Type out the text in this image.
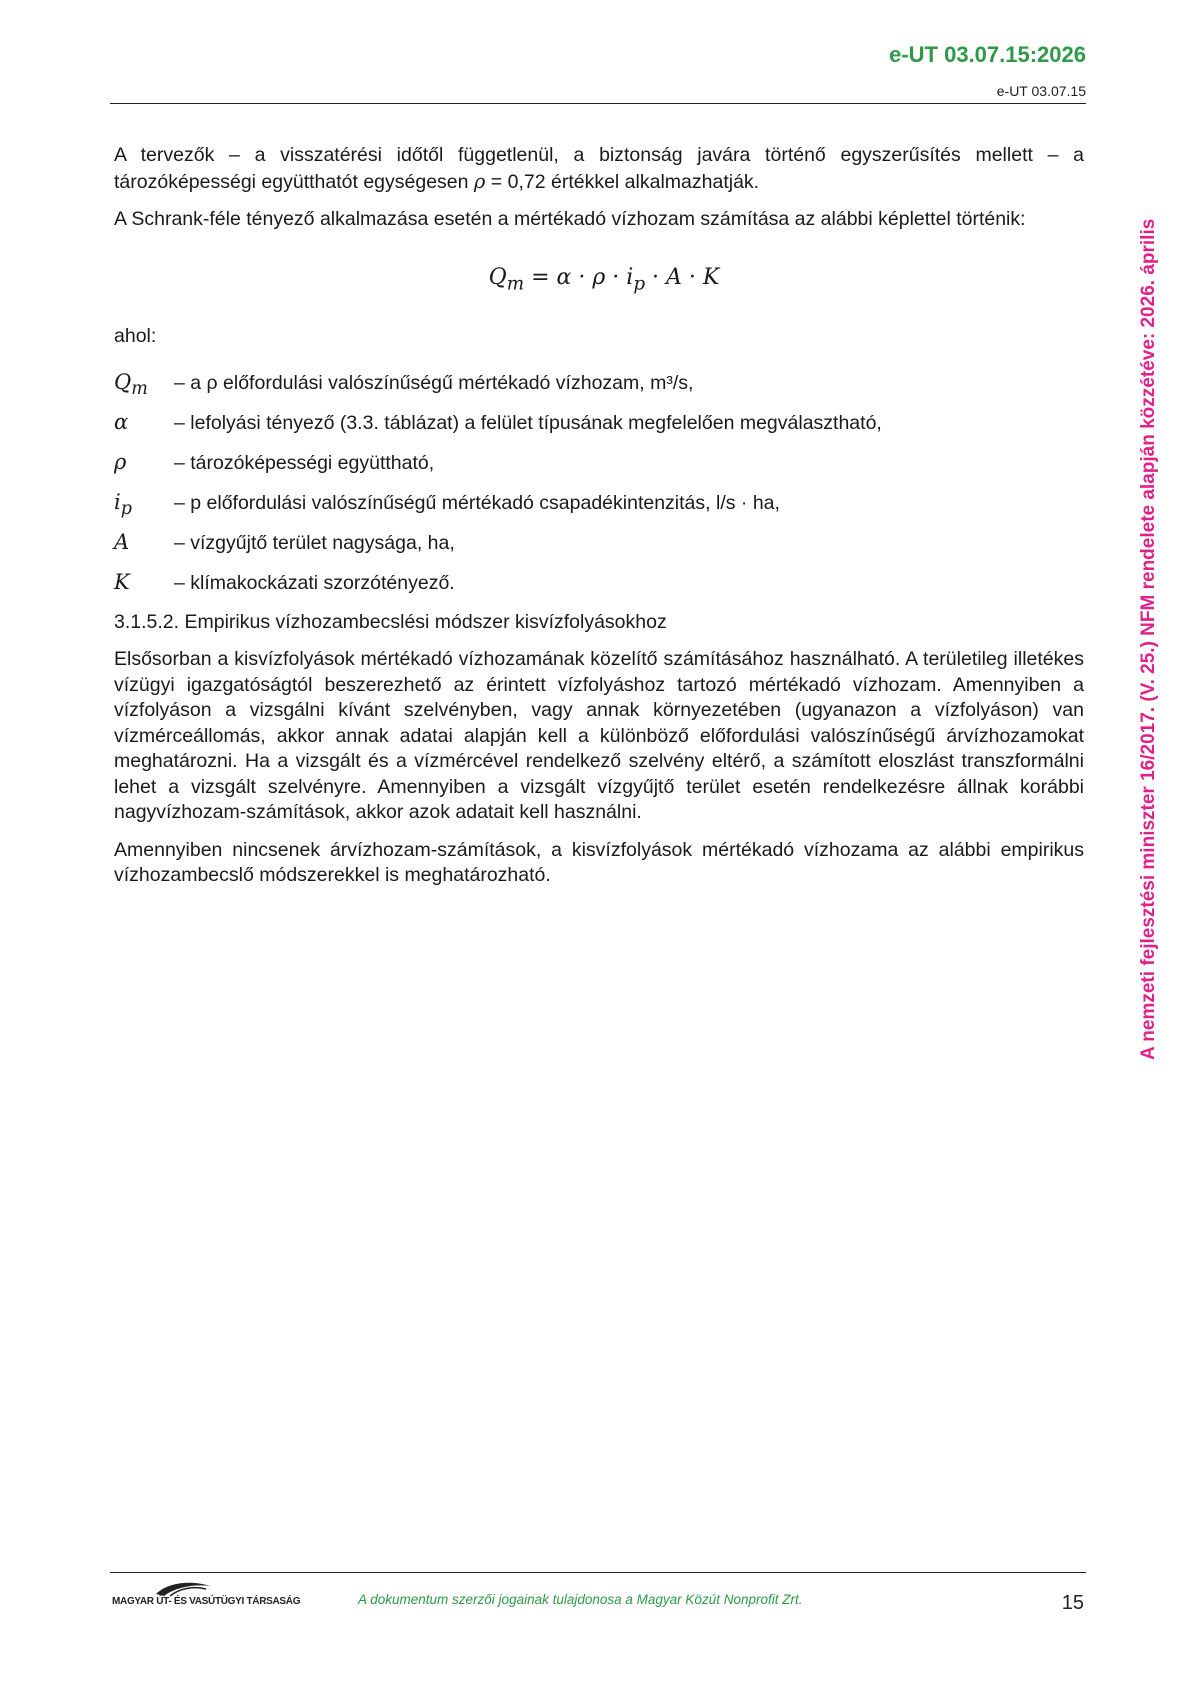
e-UT 03.07.15:2026
e-UT 03.07.15

A tervezők – a visszatérési időtől függetlenül, a biztonság javára történő egyszerűsítés mellett – a tározóképességi együtthatót egységesen ρ = 0,72 értékkel alkalmazhatják.

A Schrank-féle tényező alkalmazása esetén a mértékadó vízhozam számítása az alábbi képlettel történik:

$Q_m = \alpha \cdot \rho \cdot i_p \cdot A \cdot K$
ahol:
$Q_m$	– a ρ előfordulási valószínűségű mértékadó vízhozam, m³/s,
α	– lefolyási tényező (3.3. táblázat) a felület típusának megfelelően megválasztható,
ρ	– tározóképességi együttható,
$i_p$	– p előfordulási valószínűségű mértékadó csapadékintenzitás, l/s · ha,
A	– vízgyűjtő terület nagysága, ha,
K	– klímakockázati szorzótényező.

3.1.5.2. Empirikus vízhozambecslési módszer kisvízfolyásokhoz

Elsősorban a kisvízfolyások mértékadó vízhozamának közelítő számításához használható. A területileg illetékes vízügyi igazgatóságtól beszerezhető az érintett vízfolyáshoz tartozó mértékadó vízhozam. Amennyiben a vízfolyáson a vizsgálni kívánt szelvényben, vagy annak környezetében (ugyanazon a vízfolyáson) van vízmérceállomás, akkor annak adatai alapján kell a különböző előfordulási valószínűségű árvízhozamokat meghatározni. Ha a vizsgált és a vízmércével rendelkező szelvény eltérő, a számított eloszlást transzformálni lehet a vizsgált szelvényre. Amennyiben a vizsgált vízgyűjtő terület esetén rendelkezésre állnak korábbi nagyvízhozam-számítások, akkor azok adatait kell használni.

Amennyiben nincsenek árvízhozam-számítások, a kisvízfolyások mértékadó vízhozama az alábbi empirikus vízhozambecslő módszerekkel is meghatározható.	A nemzeti fejlesztési miniszter 16/2017. (V. 25.) NFM rendelete alapján közzétéve: 2026. április
MAGYAR ÚT- ÉS VASÚTÜGYI TÁRSASÁG	A dokumentum szerzői jogainak tulajdonosa a Magyar Közút Nonprofit Zrt.	15
